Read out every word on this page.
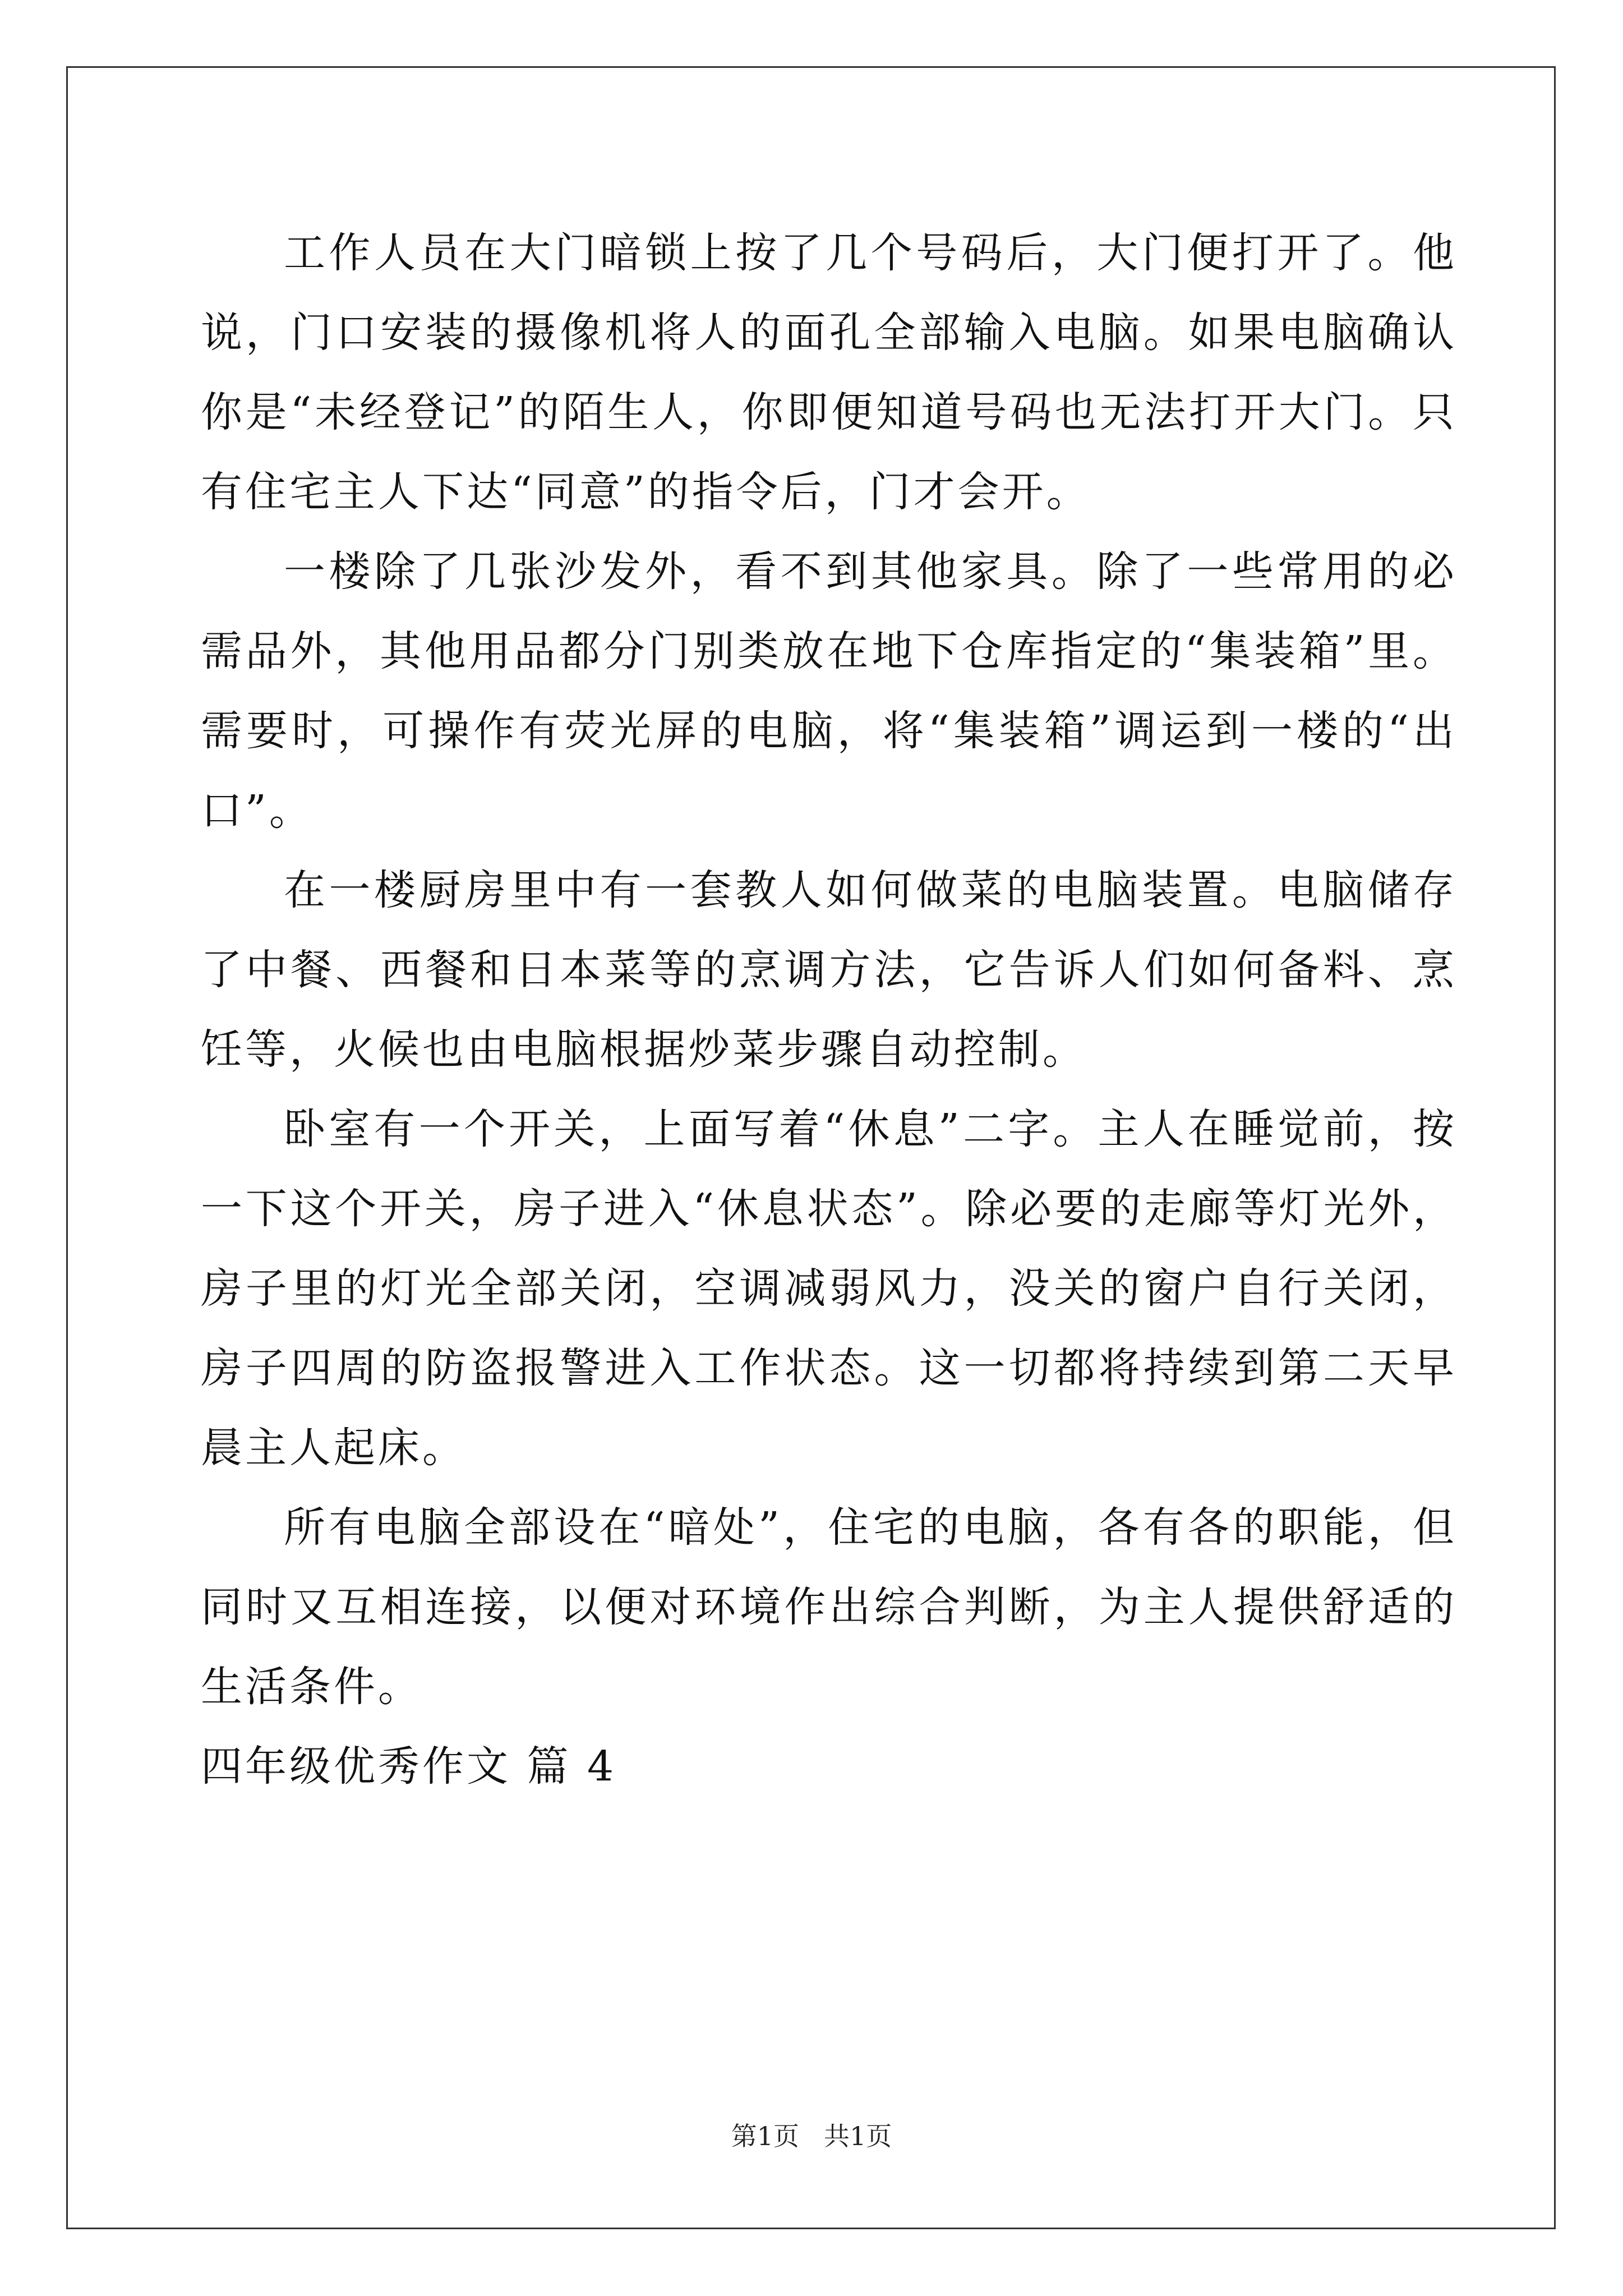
工作人员在大门暗锁上按了几个号码后，大门便打开了。他说，门口安装的摄像机将人的面孔全部输入电脑。如果电脑确认你是“未经登记”的陌生人，你即便知道号码也无法打开大门。只有住宅主人下达“同意”的指令后，门才会开。

一楼除了几张沙发外，看不到其他家具。除了一些常用的必需品外，其他用品都分门别类放在地下仓库指定的“集装箱”里。需要时，可操作有荧光屏的电脑，将“集装箱”调运到一楼的“出口”。

在一楼厨房里中有一套教人如何做菜的电脑装置。电脑储存了中餐、西餐和日本菜等的烹调方法，它告诉人们如何备料、烹饪等，火候也由电脑根据炒菜步骤自动控制。

卧室有一个开关，上面写着“休息”二字。主人在睡觉前，按一下这个开关，房子进入“休息状态”。除必要的走廊等灯光外，房子里的灯光全部关闭，空调减弱风力，没关的窗户自行关闭，房子四周的防盗报警进入工作状态。这一切都将持续到第二天早晨主人起床。

所有电脑全部设在“暗处”，住宅的电脑，各有各的职能，但同时又互相连接，以便对环境作出综合判断，为主人提供舒适的生活条件。

四年级优秀作文 篇 4

第1页 共1页
